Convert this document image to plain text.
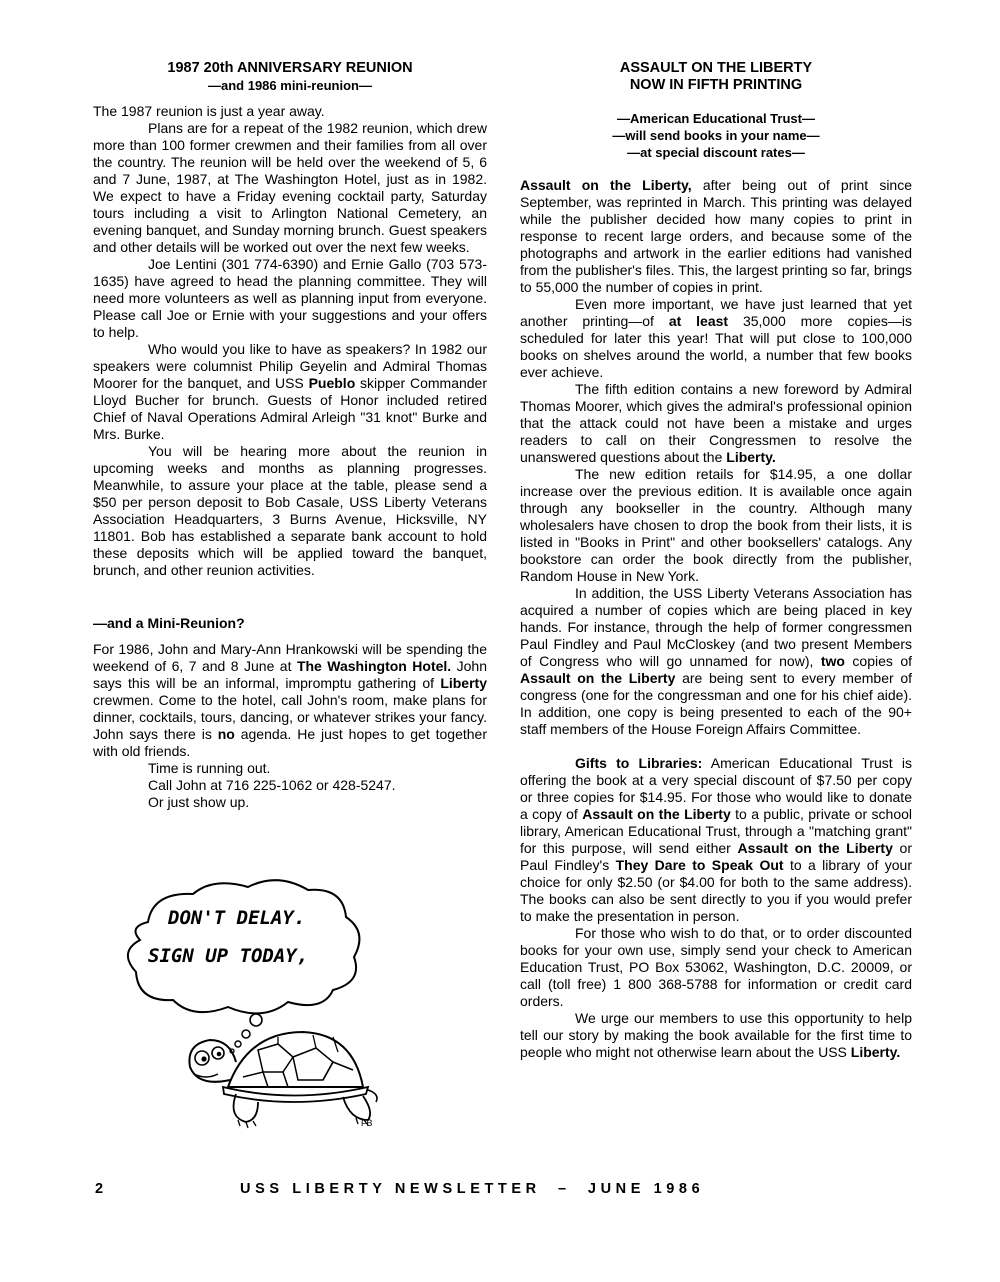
1987 20th ANNIVERSARY REUNION

—and 1986 mini-reunion—

The 1987 reunion is just a year away.

Plans are for a repeat of the 1982 reunion, which drew more than 100 former crewmen and their families from all over the country. The reunion will be held over the weekend of 5, 6 and 7 June, 1987, at The Washington Hotel, just as in 1982. We expect to have a Friday evening cocktail party, Saturday tours including a visit to Arlington National Cemetery, an evening banquet, and Sunday morning brunch. Guest speakers and other details will be worked out over the next few weeks.

Joe Lentini (301 774-6390) and Ernie Gallo (703 573-1635) have agreed to head the planning committee. They will need more volunteers as well as planning input from everyone. Please call Joe or Ernie with your suggestions and your offers to help.

Who would you like to have as speakers? In 1982 our speakers were columnist Philip Geyelin and Admiral Thomas Moorer for the banquet, and USS Pueblo skipper Commander Lloyd Bucher for brunch. Guests of Honor included retired Chief of Naval Operations Admiral Arleigh "31 knot" Burke and Mrs. Burke.

You will be hearing more about the reunion in upcoming weeks and months as planning progresses. Meanwhile, to assure your place at the table, please send a $50 per person deposit to Bob Casale, USS Liberty Veterans Association Headquarters, 3 Burns Avenue, Hicksville, NY 11801. Bob has established a separate bank account to hold these deposits which will be applied toward the banquet, brunch, and other reunion activities.

—and a Mini-Reunion?

For 1986, John and Mary-Ann Hrankowski will be spending the weekend of 6, 7 and 8 June at The Washington Hotel. John says this will be an informal, impromptu gathering of Liberty crewmen. Come to the hotel, call John's room, make plans for dinner, cocktails, tours, dancing, or whatever strikes your fancy. John says there is no agenda. He just hopes to get together with old friends.

Time is running out.

Call John at 716 225-1062 or 428-5247.

Or just show up.

DON'T DELAY.
SIGN UP TODAY,
FB

ASSAULT ON THE LIBERTY

NOW IN FIFTH PRINTING

—American Educational Trust—

—will send books in your name—

—at special discount rates—

Assault on the Liberty, after being out of print since September, was reprinted in March. This printing was delayed while the publisher decided how many copies to print in response to recent large orders, and because some of the photographs and artwork in the earlier editions had vanished from the publisher's files. This, the largest printing so far, brings to 55,000 the number of copies in print.

Even more important, we have just learned that yet another printing—of at least 35,000 more copies—is scheduled for later this year! That will put close to 100,000 books on shelves around the world, a number that few books ever achieve.

The fifth edition contains a new foreword by Admiral Thomas Moorer, which gives the admiral's professional opinion that the attack could not have been a mistake and urges readers to call on their Congressmen to resolve the unanswered questions about the Liberty.

The new edition retails for $14.95, a one dollar increase over the previous edition. It is available once again through any bookseller in the country. Although many wholesalers have chosen to drop the book from their lists, it is listed in "Books in Print" and other booksellers' catalogs. Any bookstore can order the book directly from the publisher, Random House in New York.

In addition, the USS Liberty Veterans Association has acquired a number of copies which are being placed in key hands. For instance, through the help of former congressmen Paul Findley and Paul McCloskey (and two present Members of Congress who will go unnamed for now), two copies of Assault on the Liberty are being sent to every member of congress (one for the congressman and one for his chief aide). In addition, one copy is being presented to each of the 90+ staff members of the House Foreign Affairs Committee.

Gifts to Libraries: American Educational Trust is offering the book at a very special discount of $7.50 per copy or three copies for $14.95. For those who would like to donate a copy of Assault on the Liberty to a public, private or school library, American Educational Trust, through a "matching grant" for this purpose, will send either Assault on the Liberty or Paul Findley's They Dare to Speak Out to a library of your choice for only $2.50 (or $4.00 for both to the same address). The books can also be sent directly to you if you would prefer to make the presentation in person.

For those who wish to do that, or to order discounted books for your own use, simply send your check to American Education Trust, PO Box 53062, Washington, D.C. 20009, or call (toll free) 1 800 368-5788 for information or credit card orders.

We urge our members to use this opportunity to help tell our story by making the book available for the first time to people who might not otherwise learn about the USS Liberty.

2	USS LIBERTY NEWSLETTER  –  JUNE 1986
